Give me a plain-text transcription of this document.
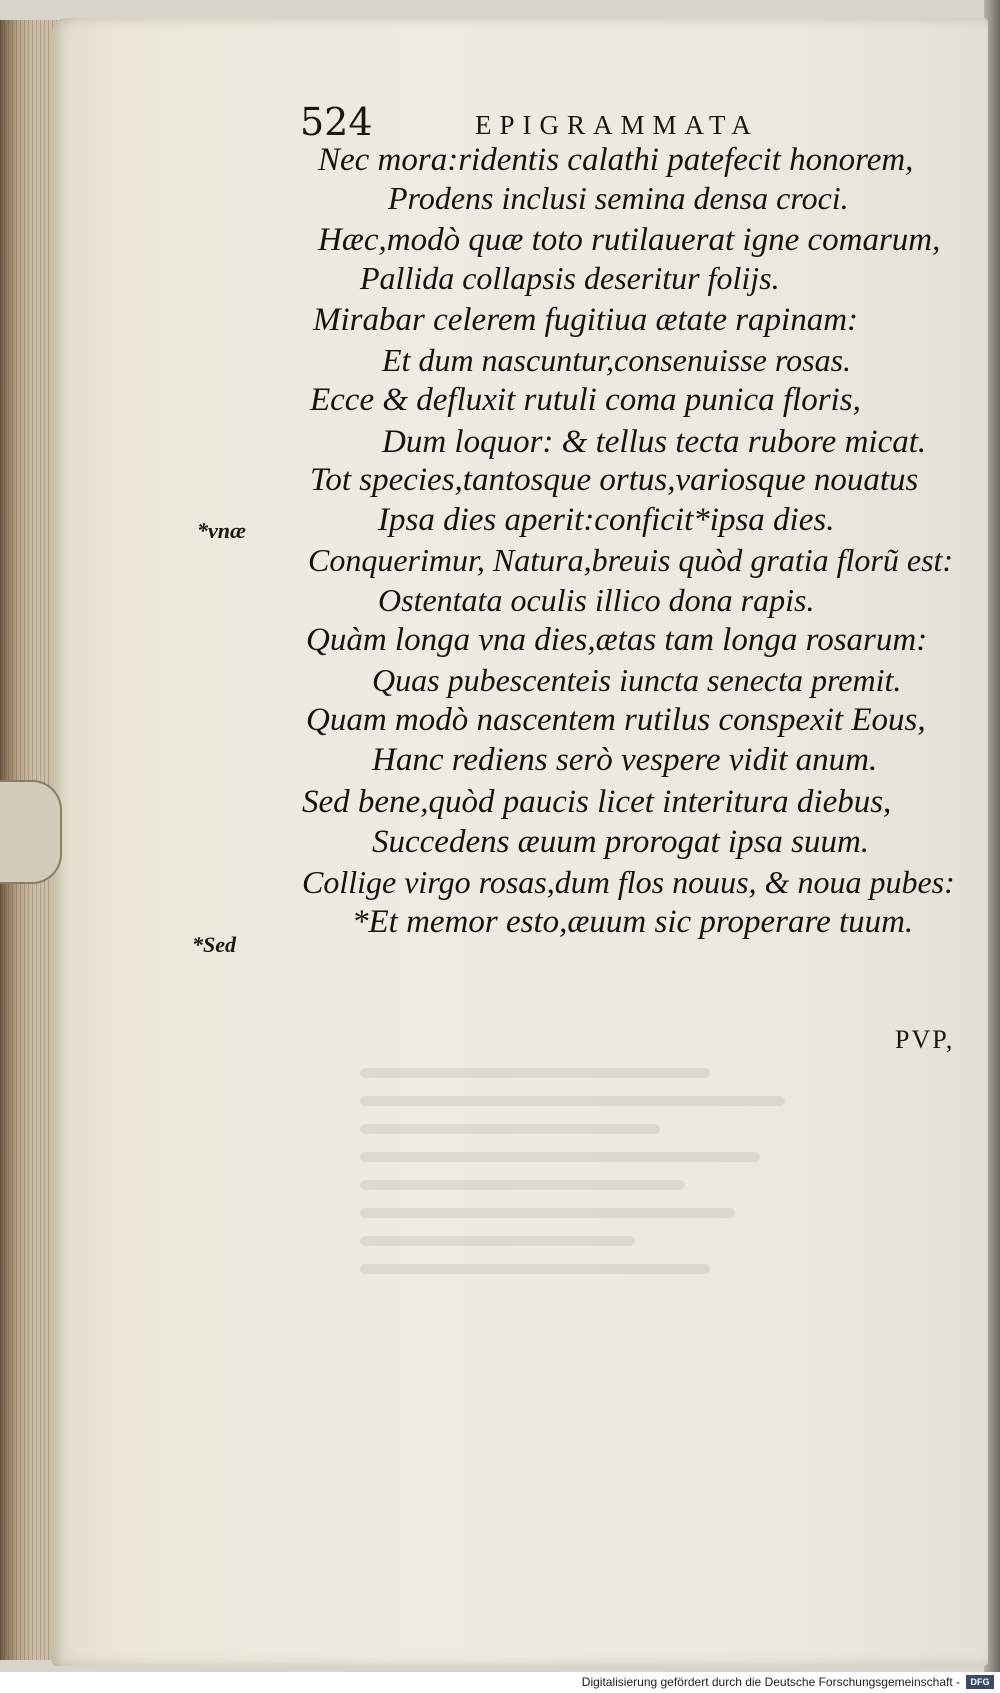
524	EPIGRAMMATA
Nec mora:ridentis calathi patefecit honorem,
Prodens inclusi semina densa croci.
Hæc,modò quæ toto rutilauerat igne comarum,
Pallida collapsis deseritur folijs.
Mirabar celerem fugitiua ætate rapinam:
Et dum nascuntur,consenuisse rosas.
Ecce & defluxit rutuli coma punica floris,
Dum loquor: & tellus tecta rubore micat.
Tot species,tantosque ortus,variosque nouatus
Ipsa dies aperit:conficit*ipsa dies.
Conquerimur, Natura,breuis quòd gratia florũ est:
Ostentata oculis illico dona rapis.
Quàm longa vna dies,ætas tam longa rosarum:
Quas pubescenteis iuncta senecta premit.
Quam modò nascentem rutilus conspexit Eous,
Hanc rediens serò vespere vidit anum.
Sed bene,quòd paucis licet interitura diebus,
Succedens æuum prorogat ipsa suum.
Collige virgo rosas,dum flos nouus, & noua pubes:
*Et memor esto,æuum sic properare tuum.
*vnæ
*Sed
PVP,
Digitalisierung gefördert durch die Deutsche Forschungsgemeinschaft -	DFG
